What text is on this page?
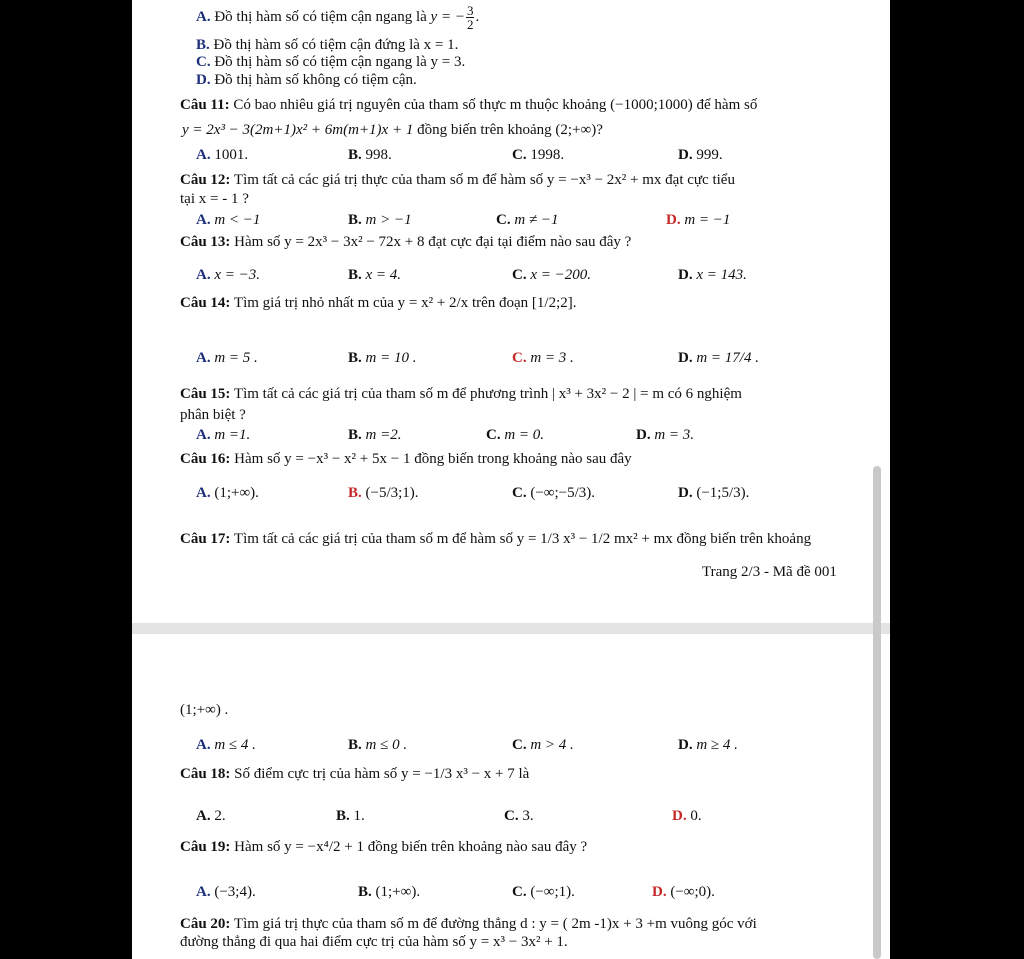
A. Đồ thị hàm số có tiệm cận ngang là y = − $\frac{3}{2}$ .
B. Đồ thị hàm số có tiệm cận đứng là x = 1.
C. Đồ thị hàm số có tiệm cận ngang là y = 3.
D. Đồ thị hàm số không có tiệm cận.
Câu 11: Có bao nhiêu giá trị nguyên của tham số thực m thuộc khoảng (−1000;1000) để hàm số
y = 2x³ − 3(2m+1)x² + 6m(m+1)x + 1 đồng biến trên khoảng (2;+∞)?
A. 1001.	B. 998.	C. 1998.	D. 999.
Câu 12: Tìm tất cả các giá trị thực của tham số m để hàm số y = −x³ − 2x² + mx đạt cực tiểu
tại x = - 1 ?
A. m < −1	B. m > −1	C. m ≠ −1	D. m = −1
Câu 13: Hàm số y = 2x³ − 3x² − 72x + 8 đạt cực đại tại điểm nào sau đây ?
A. x = −3.	B. x = 4.	C. x = −200.	D. x = 143.
Câu 14: Tìm giá trị nhỏ nhất m của y = x² + 2/x trên đoạn [1/2;2].
A. m = 5 .	B. m = 10 .	C. m = 3 .	D. m = 17/4 .
Câu 15: Tìm tất cả các giá trị của tham số m để phương trình | x³ + 3x² − 2 | = m có 6 nghiệm
phân biệt ?
A. m =1.	B. m =2.	C. m = 0.	D. m = 3.
Câu 16: Hàm số y = −x³ − x² + 5x − 1 đồng biến trong khoảng nào sau đây
A. (1;+∞).	B. (−5/3;1).	C. (−∞;−5/3).	D. (−1;5/3).
Câu 17: Tìm tất cả các giá trị của tham số m để hàm số y = 1/3 x³ − 1/2 mx² + mx đồng biến trên khoảng
Trang 2/3 - Mã đề 001
(1;+∞) .
A. m ≤ 4 .	B. m ≤ 0 .	C. m > 4 .	D. m ≥ 4 .
Câu 18: Số điểm cực trị của hàm số y = −1/3 x³ − x + 7 là
A. 2.	B. 1.	C. 3.	D. 0.
Câu 19: Hàm số y = −x⁴/2 + 1 đồng biến trên khoảng nào sau đây ?
A. (−3;4).	B. (1;+∞).	C. (−∞;1).	D. (−∞;0).
Câu 20: Tìm giá trị thực của tham số m để đường thẳng d : y = ( 2m -1)x + 3 +m vuông góc với
đường thẳng đi qua hai điểm cực trị của hàm số y = x³ − 3x² + 1.
